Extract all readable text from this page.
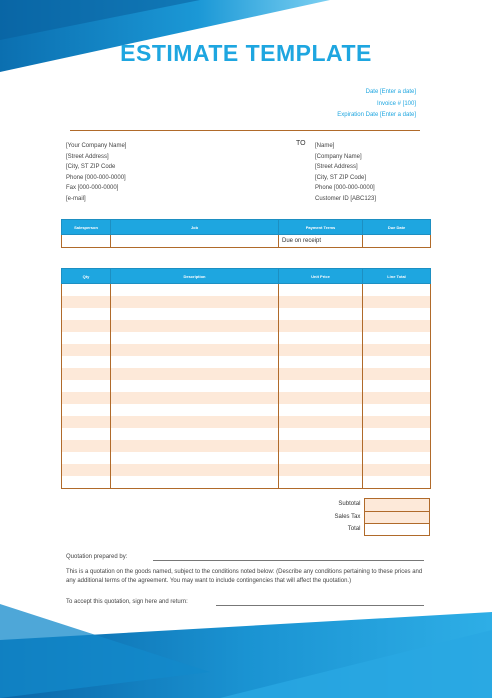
ESTIMATE TEMPLATE
Date [Enter a date]
Invoice # [100]
Expiration Date [Enter a date]
[Your Company Name]
[Street Address]
[City, ST ZIP Code
Phone [000-000-0000]
Fax [000-000-0000]
[e-mail]
TO [Name]
[Company Name]
[Street Address]
[City, ST ZIP Code]
Phone [000-000-0000]
Customer ID [ABC123]
Salesperson	Job	Payment Terms	Due Date
		Due on receipt	
Qty	Description	Unit Price	Line Total

Subtotal
Sales Tax
Total
Quotation prepared by:
This is a quotation on the goods named, subject to the conditions noted below: (Describe any conditions pertaining to these prices and any additional terms of the agreement. You may want to include contingencies that will affect the quotation.)
To accept this quotation, sign here and return:
